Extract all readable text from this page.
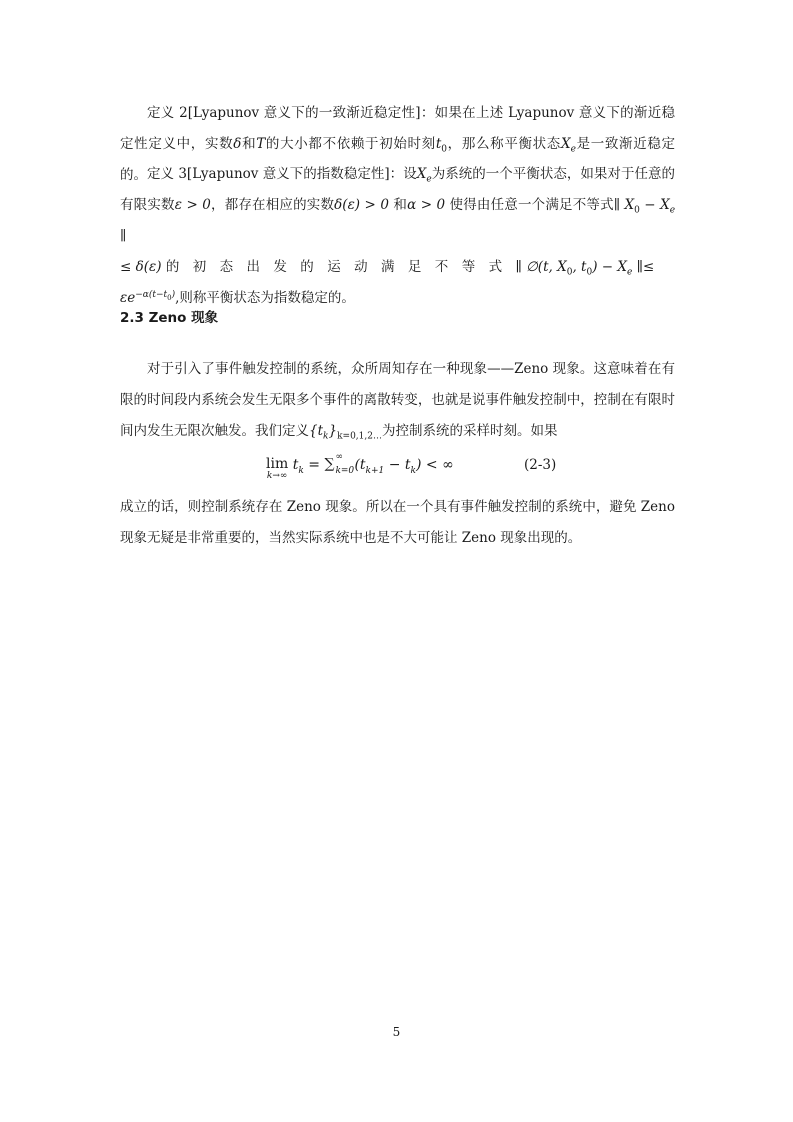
定义 2[Lyapunov 意义下的一致渐近稳定性]：如果在上述 Lyapunov 意义下的渐近稳定性定义中，实数δ和T的大小都不依赖于初始时刻$t_0$，那么称平衡状态$X_e$是一致渐近稳定的。 定义 3[Lyapunov 意义下的指数稳定性]：设$X_e$为系统的一个平衡状态，如果对于任意的有限实数ε > 0，都存在相应的实数δ(ε) > 0 和α > 0 使得由任意一个满足不等式∥ $X_0 - X_e$ ∥
≤ δ(ε) 的初态出发的运动满足不等式∥ ∅(t, $X_0$, $t_0) - X_e$ ∥≤
$\varepsilon e^{-\alpha(t-t_0)}$,则称平衡状态为指数稳定的。

2.3 Zeno 现象

对于引入了事件触发控制的系统，众所周知存在一种现象——Zeno 现象。这意味着在有限的时间段内系统会发生无限多个事件的离散转变，也就是说事件触发控制中，控制在有限时间内发生无限次触发。我们定义$\{t_k\}_{k=0,1,2\dots}$为控制系统的采样时刻。如果

lim
k→∞
$t_k$ = ∑ ∞
k=0 $(t_{k+1} - t_k)$ < ∞	(2-3)

成立的话，则控制系统存在 Zeno 现象。所以在一个具有事件触发控制的系统中，避免 Zeno 现象无疑是非常重要的，当然实际系统中也是不大可能让 Zeno 现象出现的。

5
